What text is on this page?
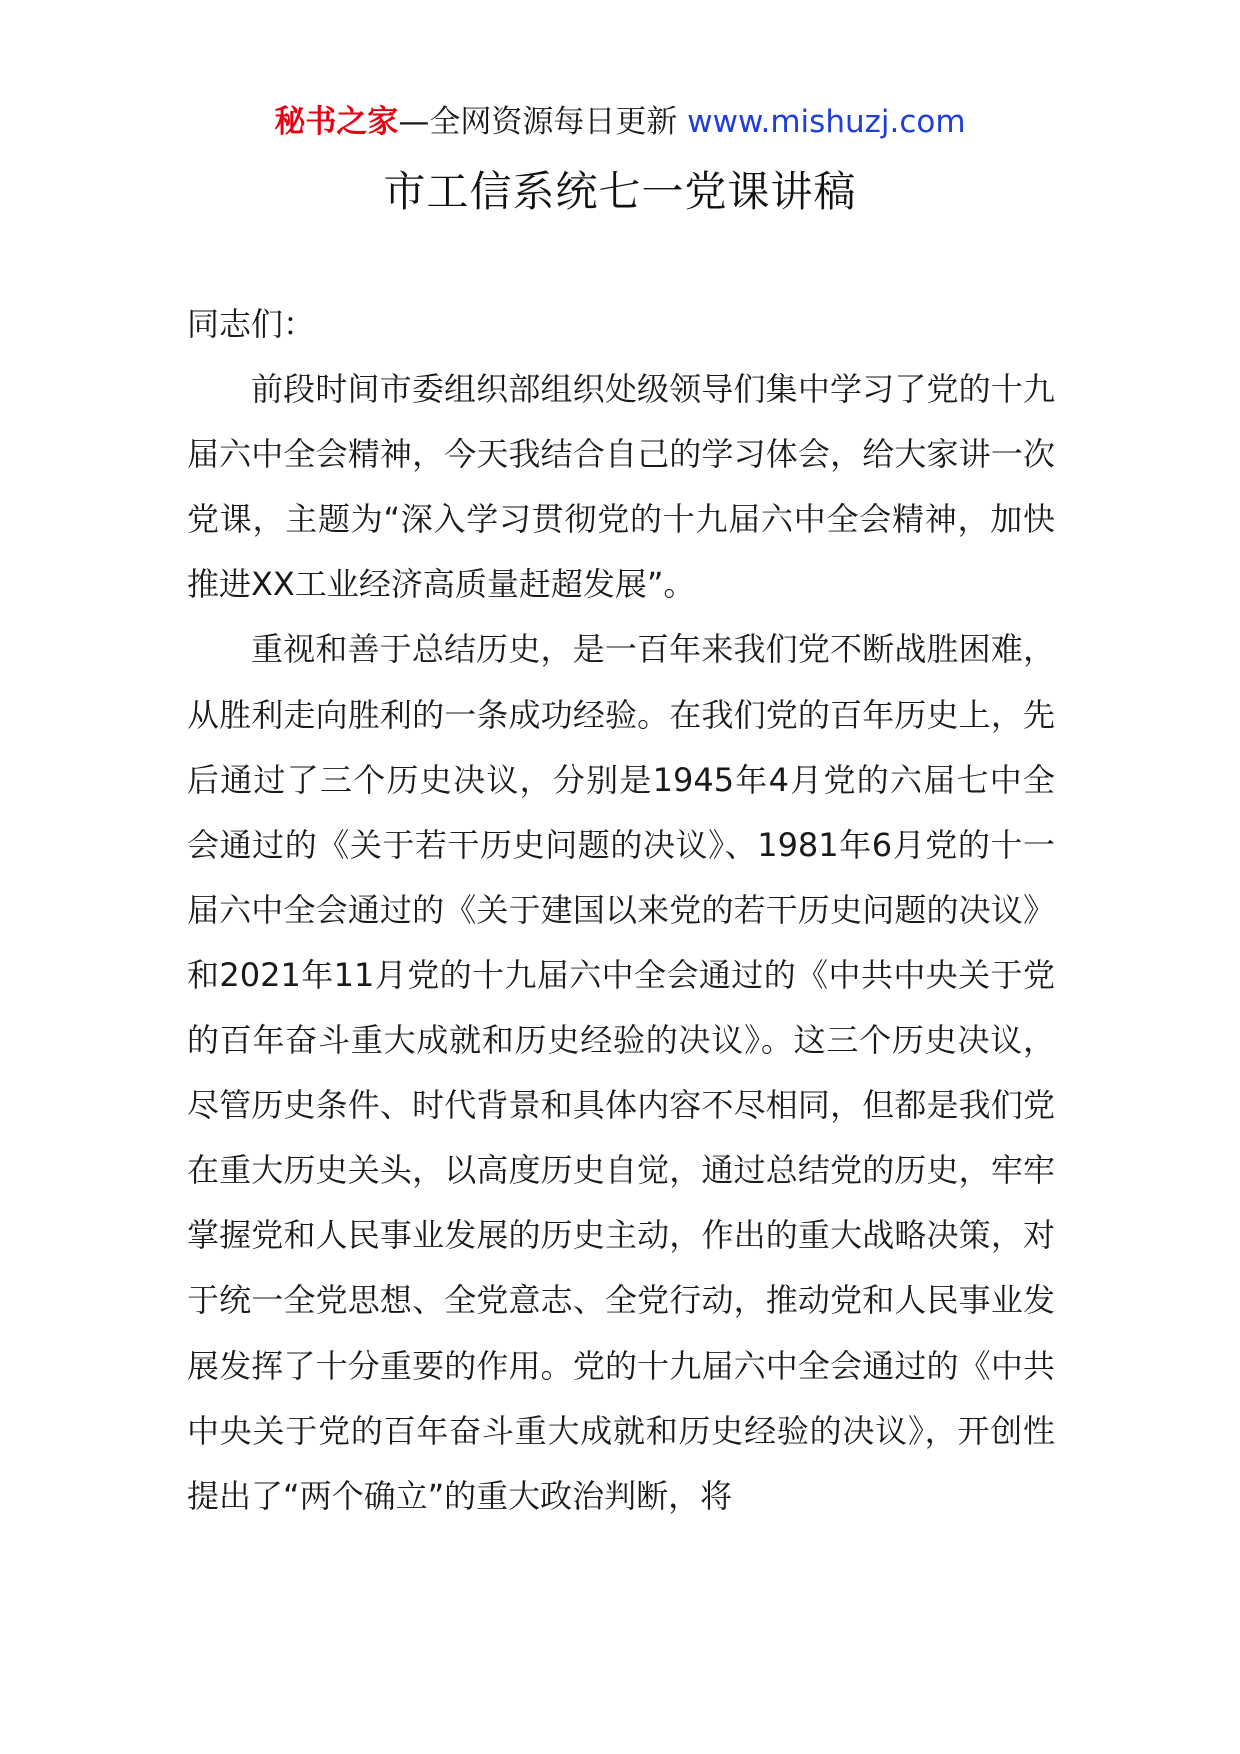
秘书之家—全网资源每日更新 www.mishuzj.com
市工信系统七一党课讲稿

同志们：

前段时间市委组织部组织处级领导们集中学习了党的十九届六中全会精神，今天我结合自己的学习体会，给大家讲一次党课，主题为“深入学习贯彻党的十九届六中全会精神，加快推进XX工业经济高质量赶超发展”。

重视和善于总结历史，是一百年来我们党不断战胜困难，从胜利走向胜利的一条成功经验。在我们党的百年历史上，先后通过了三个历史决议，分别是1945年4月党的六届七中全会通过的《关于若干历史问题的决议》、1981年6月党的十一届六中全会通过的《关于建国以来党的若干历史问题的决议》和2021年11月党的十九届六中全会通过的《中共中央关于党的百年奋斗重大成就和历史经验的决议》。这三个历史决议，尽管历史条件、时代背景和具体内容不尽相同，但都是我们党在重大历史关头，以高度历史自觉，通过总结党的历史，牢牢掌握党和人民事业发展的历史主动，作出的重大战略决策，对于统一全党思想、全党意志、全党行动，推动党和人民事业发展发挥了十分重要的作用。党的十九届六中全会通过的《中共中央关于党的百年奋斗重大成就和历史经验的决议》，开创性提出了“两个确立”的重大政治判断，将
